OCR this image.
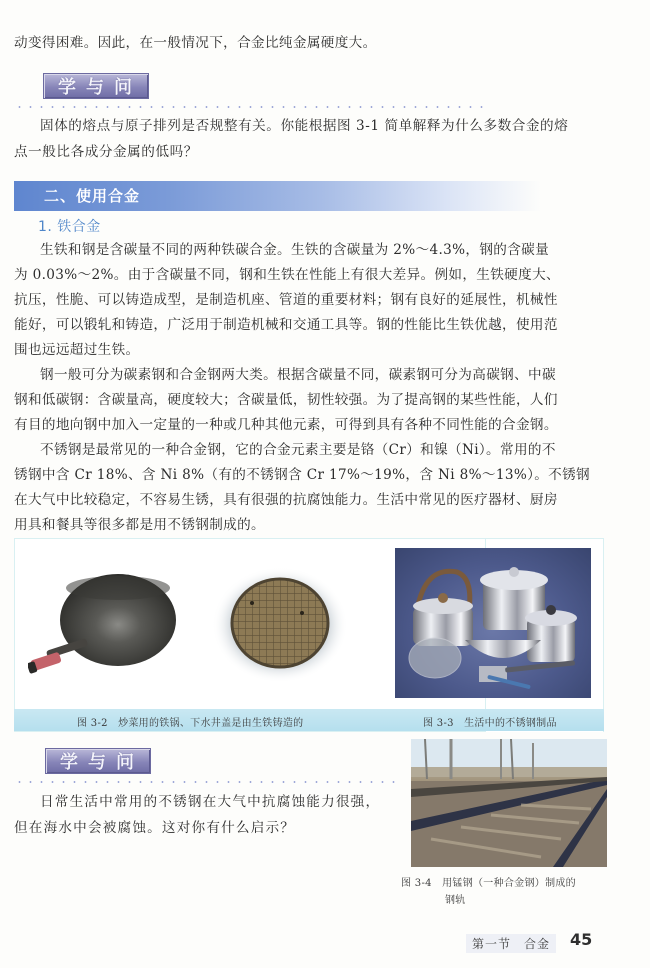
动变得困难。因此，在一般情况下，合金比纯金属硬度大。
学 与 问
固体的熔点与原子排列是否规整有关。你能根据图 3-1 简单解释为什么多数合金的熔
点一般比各成分金属的低吗？
二、使用合金
1. 铁合金
生铁和钢是含碳量不同的两种铁碳合金。生铁的含碳量为 2%～4.3%，钢的含碳量
为 0.03%～2%。由于含碳量不同，钢和生铁在性能上有很大差异。例如，生铁硬度大、
抗压，性脆、可以铸造成型，是制造机座、管道的重要材料；钢有良好的延展性，机械性
能好，可以锻轧和铸造，广泛用于制造机械和交通工具等。钢的性能比生铁优越，使用范
围也远远超过生铁。
钢一般可分为碳素钢和合金钢两大类。根据含碳量不同，碳素钢可分为高碳钢、中碳
钢和低碳钢：含碳量高，硬度较大；含碳量低，韧性较强。为了提高钢的某些性能，人们
有目的地向钢中加入一定量的一种或几种其他元素，可得到具有各种不同性能的合金钢。
不锈钢是最常见的一种合金钢，它的合金元素主要是铬（Cr）和镍（Ni）。常用的不
锈钢中含 Cr 18%、含 Ni 8%（有的不锈钢含 Cr 17%～19%，含 Ni 8%～13%）。不锈钢
在大气中比较稳定，不容易生锈，具有很强的抗腐蚀能力。生活中常见的医疗器材、厨房
用具和餐具等很多都是用不锈钢制成的。
图 3-2　炒菜用的铁锅、下水井盖是由生铁铸造的	图 3-3　生活中的不锈钢制品
学 与 问
日常生活中常用的不锈钢在大气中抗腐蚀能力很强，
但在海水中会被腐蚀。这对你有什么启示？
图 3-4　用锰钢（一种合金钢）制成的
钢轨
第一节　合金	45
